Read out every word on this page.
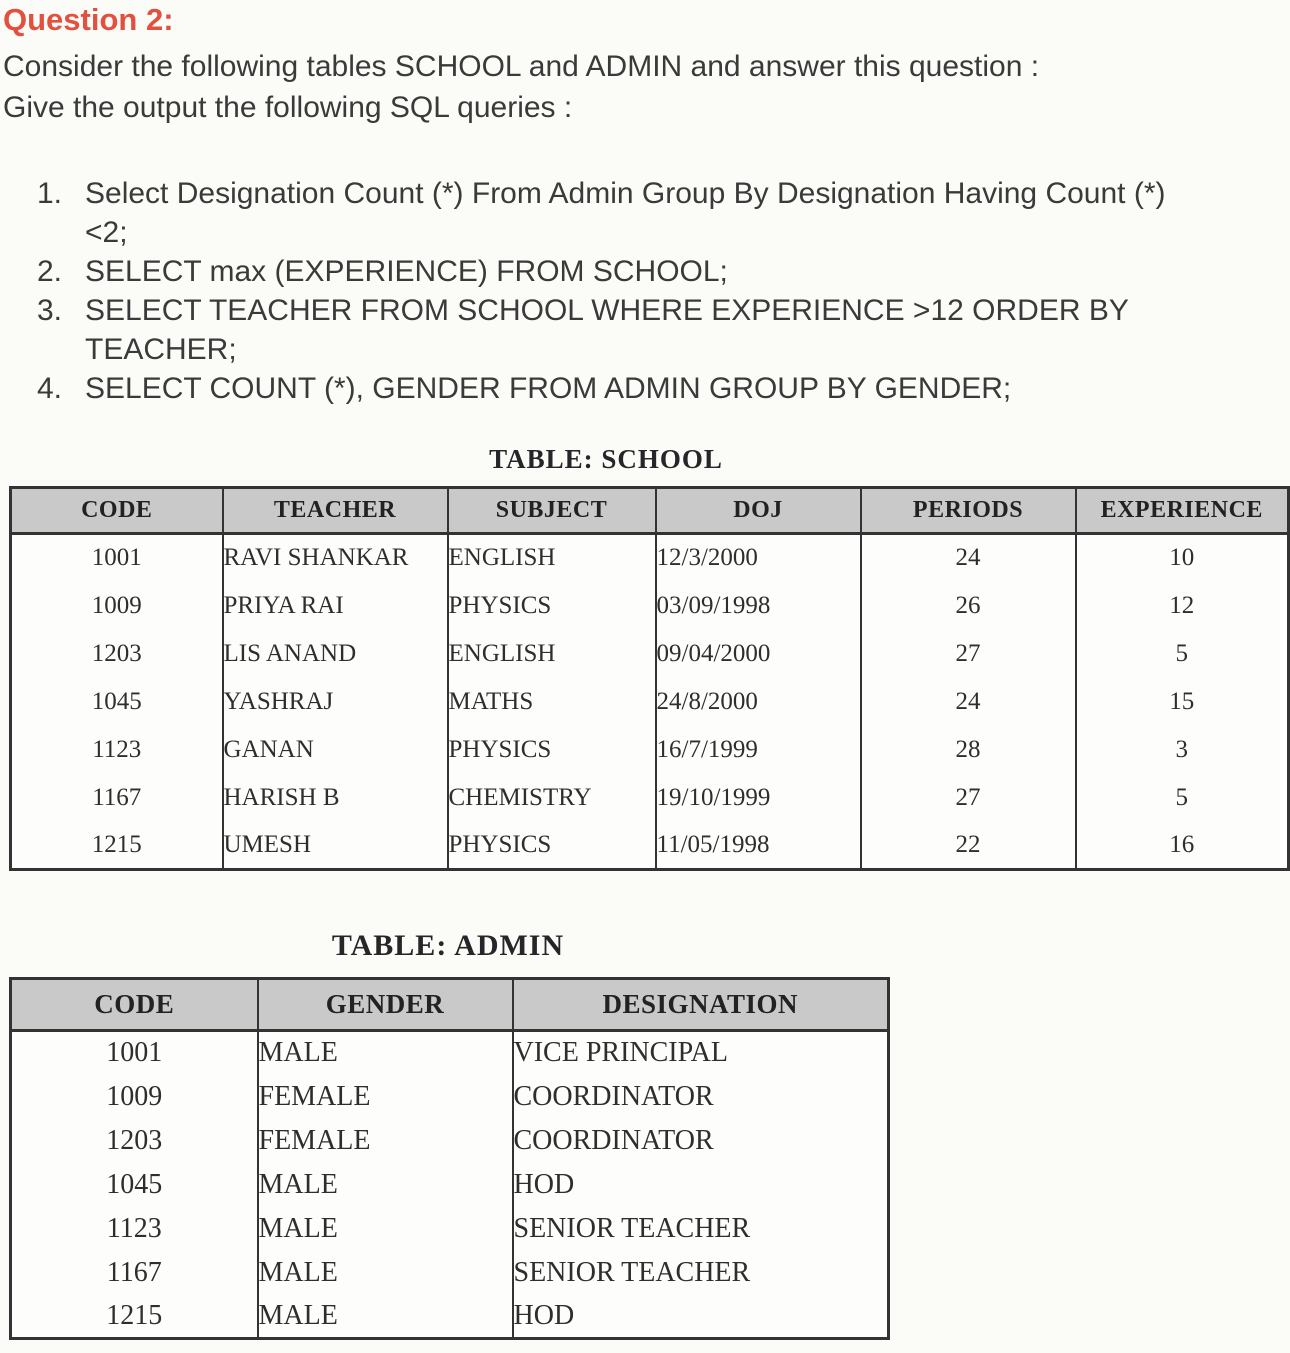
Question 2:

Consider the following tables SCHOOL and ADMIN and answer this question :

Give the output the following SQL queries :

1. Select Designation Count (*) From Admin Group By Designation Having Count (*)
<2;
2. SELECT max (EXPERIENCE) FROM SCHOOL;
3. SELECT TEACHER FROM SCHOOL WHERE EXPERIENCE >12 ORDER BY
TEACHER;
4. SELECT COUNT (*), GENDER FROM ADMIN GROUP BY GENDER;
TABLE: SCHOOL
CODE	TEACHER	SUBJECT	DOJ	PERIODS	EXPERIENCE
1001	RAVI SHANKAR	ENGLISH	12/3/2000	24	10
1009	PRIYA RAI	PHYSICS	03/09/1998	26	12
1203	LIS ANAND	ENGLISH	09/04/2000	27	5
1045	YASHRAJ	MATHS	24/8/2000	24	15
1123	GANAN	PHYSICS	16/7/1999	28	3
1167	HARISH B	CHEMISTRY	19/10/1999	27	5
1215	UMESH	PHYSICS	11/05/1998	22	16
TABLE: ADMIN
CODE	GENDER	DESIGNATION
1001	MALE	VICE PRINCIPAL
1009	FEMALE	COORDINATOR
1203	FEMALE	COORDINATOR
1045	MALE	HOD
1123	MALE	SENIOR TEACHER
1167	MALE	SENIOR TEACHER
1215	MALE	HOD
